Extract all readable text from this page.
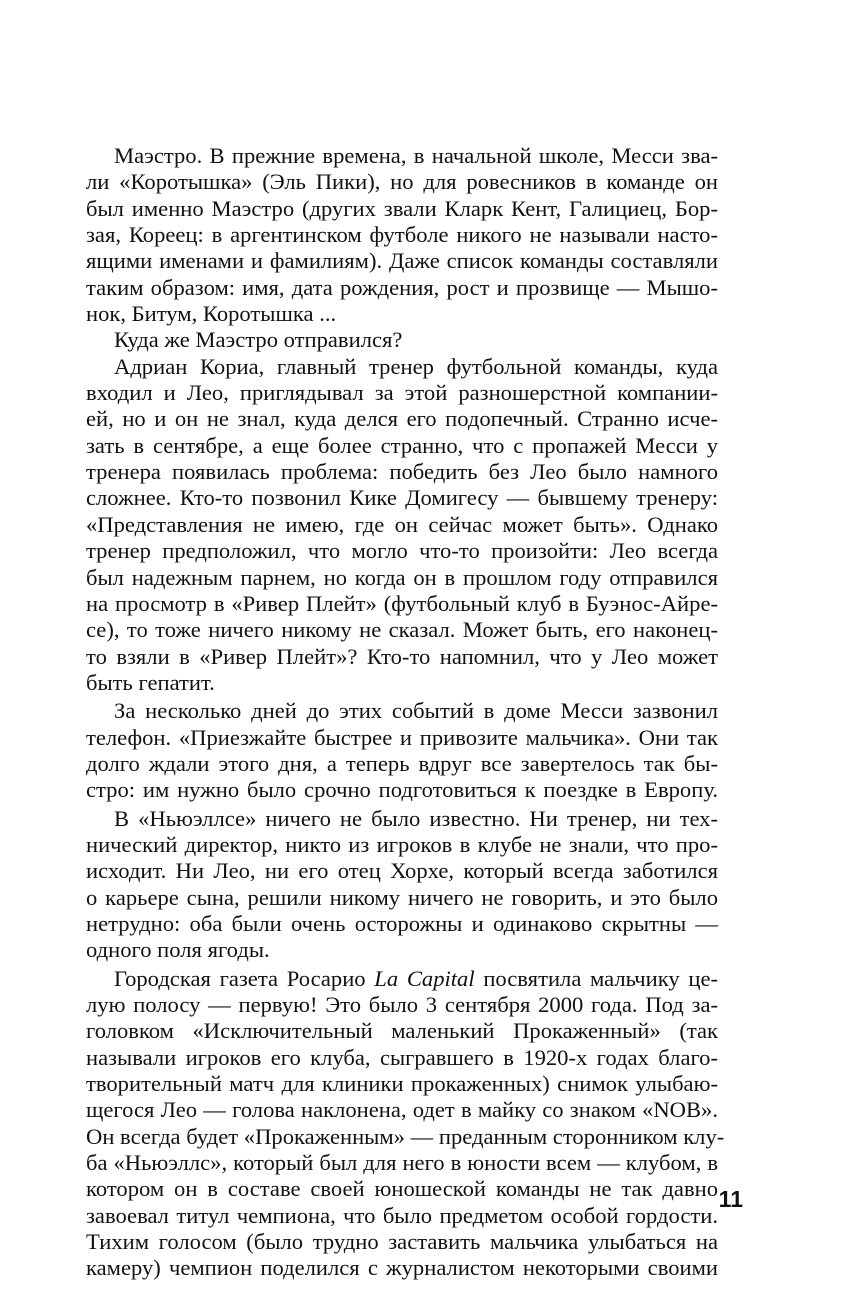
Маэстро. В прежние времена, в начальной школе, Месси зва-
ли «Коротышка» (Эль Пики), но для ровесников в команде он
был именно Маэстро (других звали Кларк Кент, Галициец, Бор-
зая, Кореец: в аргентинском футболе никого не называли насто-
ящими именами и фамилиям). Даже список команды составляли
таким образом: имя, дата рождения, рост и прозвище — Мышо-
нок, Битум, Коротышка ...
Куда же Маэстро отправился?
Адриан Кориа, главный тренер футбольной команды, куда
входил и Лео, приглядывал за этой разношерстной компании-
ей, но и он не знал, куда делся его подопечный. Странно исче-
зать в сентябре, а еще более странно, что с пропажей Месси у
тренера появилась проблема: победить без Лео было намного
сложнее. Кто-то позвонил Кике Домигесу — бывшему тренеру:
«Представления не имею, где он сейчас может быть». Однако
тренер предположил, что могло что-то произойти: Лео всегда
был надежным парнем, но когда он в прошлом году отправился
на просмотр в «Ривер Плейт» (футбольный клуб в Буэнос-Айре-
се), то тоже ничего никому не сказал. Может быть, его наконец-
то взяли в «Ривер Плейт»? Кто-то напомнил, что у Лео может
быть гепатит.
За несколько дней до этих событий в доме Месси зазвонил
телефон. «Приезжайте быстрее и привозите мальчика». Они так
долго ждали этого дня, а теперь вдруг все завертелось так бы-
стро: им нужно было срочно подготовиться к поездке в Европу.
В «Ньюэллсе» ничего не было известно. Ни тренер, ни тех-
нический директор, никто из игроков в клубе не знали, что про-
исходит. Ни Лео, ни его отец Хорхе, который всегда заботился
о карьере сына, решили никому ничего не говорить, и это было
нетрудно: оба были очень осторожны и одинаково скрытны —
одного поля ягоды.
Городская газета Росарио La Capital посвятила мальчику це-
лую полосу — первую! Это было 3 сентября 2000 года. Под за-
головком «Исключительный маленький Прокаженный» (так
называли игроков его клуба, сыгравшего в 1920-х годах благо-
творительный матч для клиники прокаженных) снимок улыбаю-
щегося Лео — голова наклонена, одет в майку со знаком «NOB».
Он всегда будет «Прокаженным» — преданным сторонником клу-
ба «Ньюэллс», который был для него в юности всем — клубом, в
котором он в составе своей юношеской команды не так давно
завоевал титул чемпиона, что было предметом особой гордости.
Тихим голосом (было трудно заставить мальчика улыбаться на
камеру) чемпион поделился с журналистом некоторыми своими
11
